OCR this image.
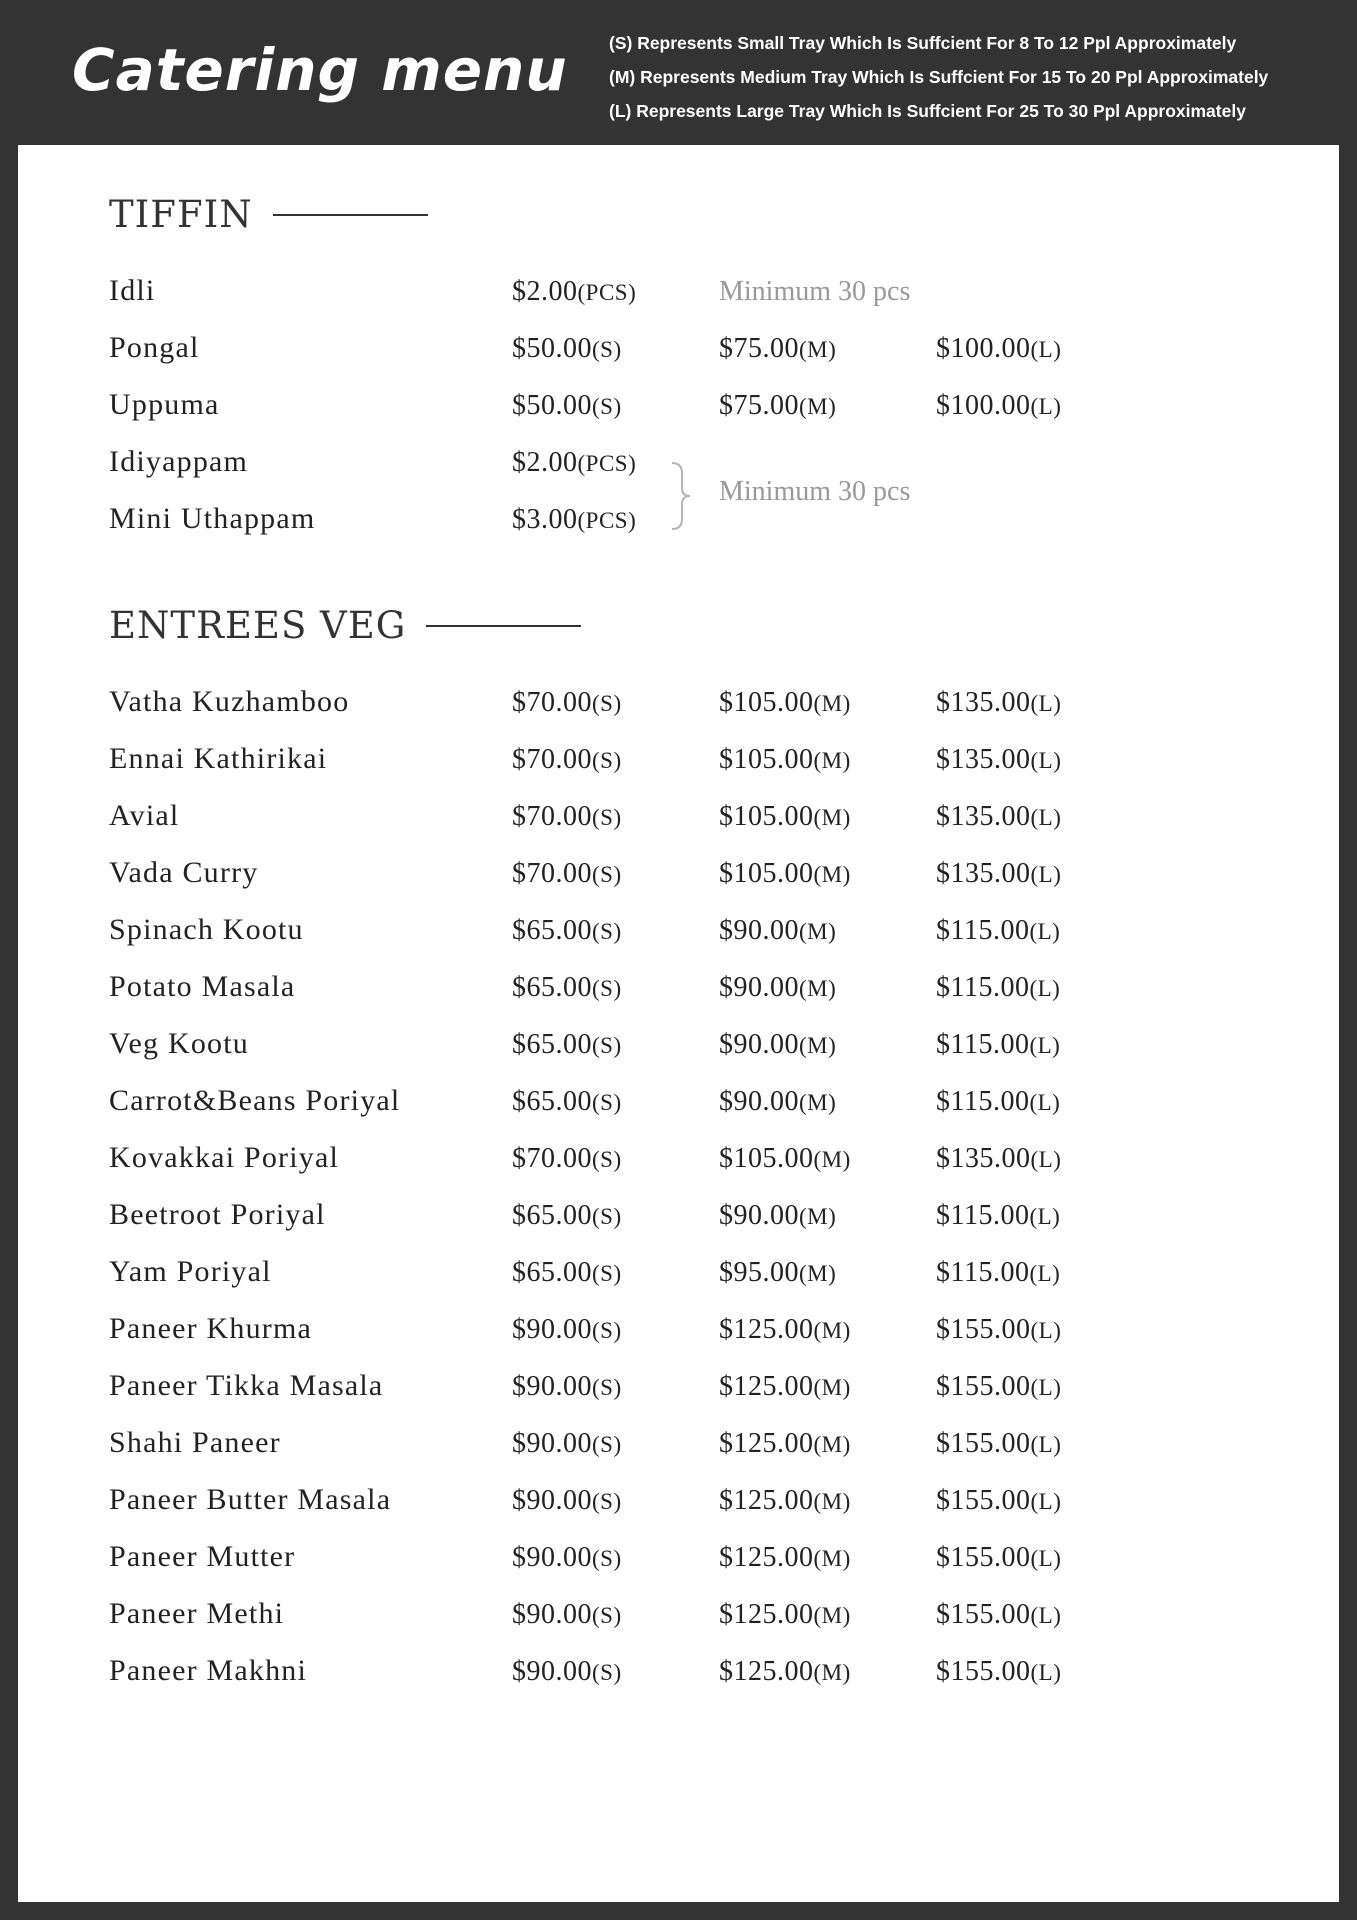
Catering menu (S) Represents Small Tray Which Is Suffcient For 8 To 12 Ppl Approximately
(M) Represents Medium Tray Which Is Suffcient For 15 To 20 Ppl Approximately
(L) Represents Large Tray Which Is Suffcient For 25 To 30 Ppl Approximately
TIFFIN
Idli	$2.00(PCS)	Minimum 30 pcs
Pongal	$50.00(S)	$75.00(M)	$100.00(L)
Uppuma	$50.00(S)	$75.00(M)	$100.00(L)
Idiyappam	$2.00(PCS)
Mini Uthappam	$3.00(PCS)
Minimum 30 pcs
ENTREES VEG
Vatha Kuzhamboo	$70.00(S)	$105.00(M)	$135.00(L)
Ennai Kathirikai	$70.00(S)	$105.00(M)	$135.00(L)
Avial	$70.00(S)	$105.00(M)	$135.00(L)
Vada Curry	$70.00(S)	$105.00(M)	$135.00(L)
Spinach Kootu	$65.00(S)	$90.00(M)	$115.00(L)
Potato Masala	$65.00(S)	$90.00(M)	$115.00(L)
Veg Kootu	$65.00(S)	$90.00(M)	$115.00(L)
Carrot&Beans Poriyal	$65.00(S)	$90.00(M)	$115.00(L)
Kovakkai Poriyal	$70.00(S)	$105.00(M)	$135.00(L)
Beetroot Poriyal	$65.00(S)	$90.00(M)	$115.00(L)
Yam Poriyal	$65.00(S)	$95.00(M)	$115.00(L)
Paneer Khurma	$90.00(S)	$125.00(M)	$155.00(L)
Paneer Tikka Masala	$90.00(S)	$125.00(M)	$155.00(L)
Shahi Paneer	$90.00(S)	$125.00(M)	$155.00(L)
Paneer Butter Masala	$90.00(S)	$125.00(M)	$155.00(L)
Paneer Mutter	$90.00(S)	$125.00(M)	$155.00(L)
Paneer Methi	$90.00(S)	$125.00(M)	$155.00(L)
Paneer Makhni	$90.00(S)	$125.00(M)	$155.00(L)
